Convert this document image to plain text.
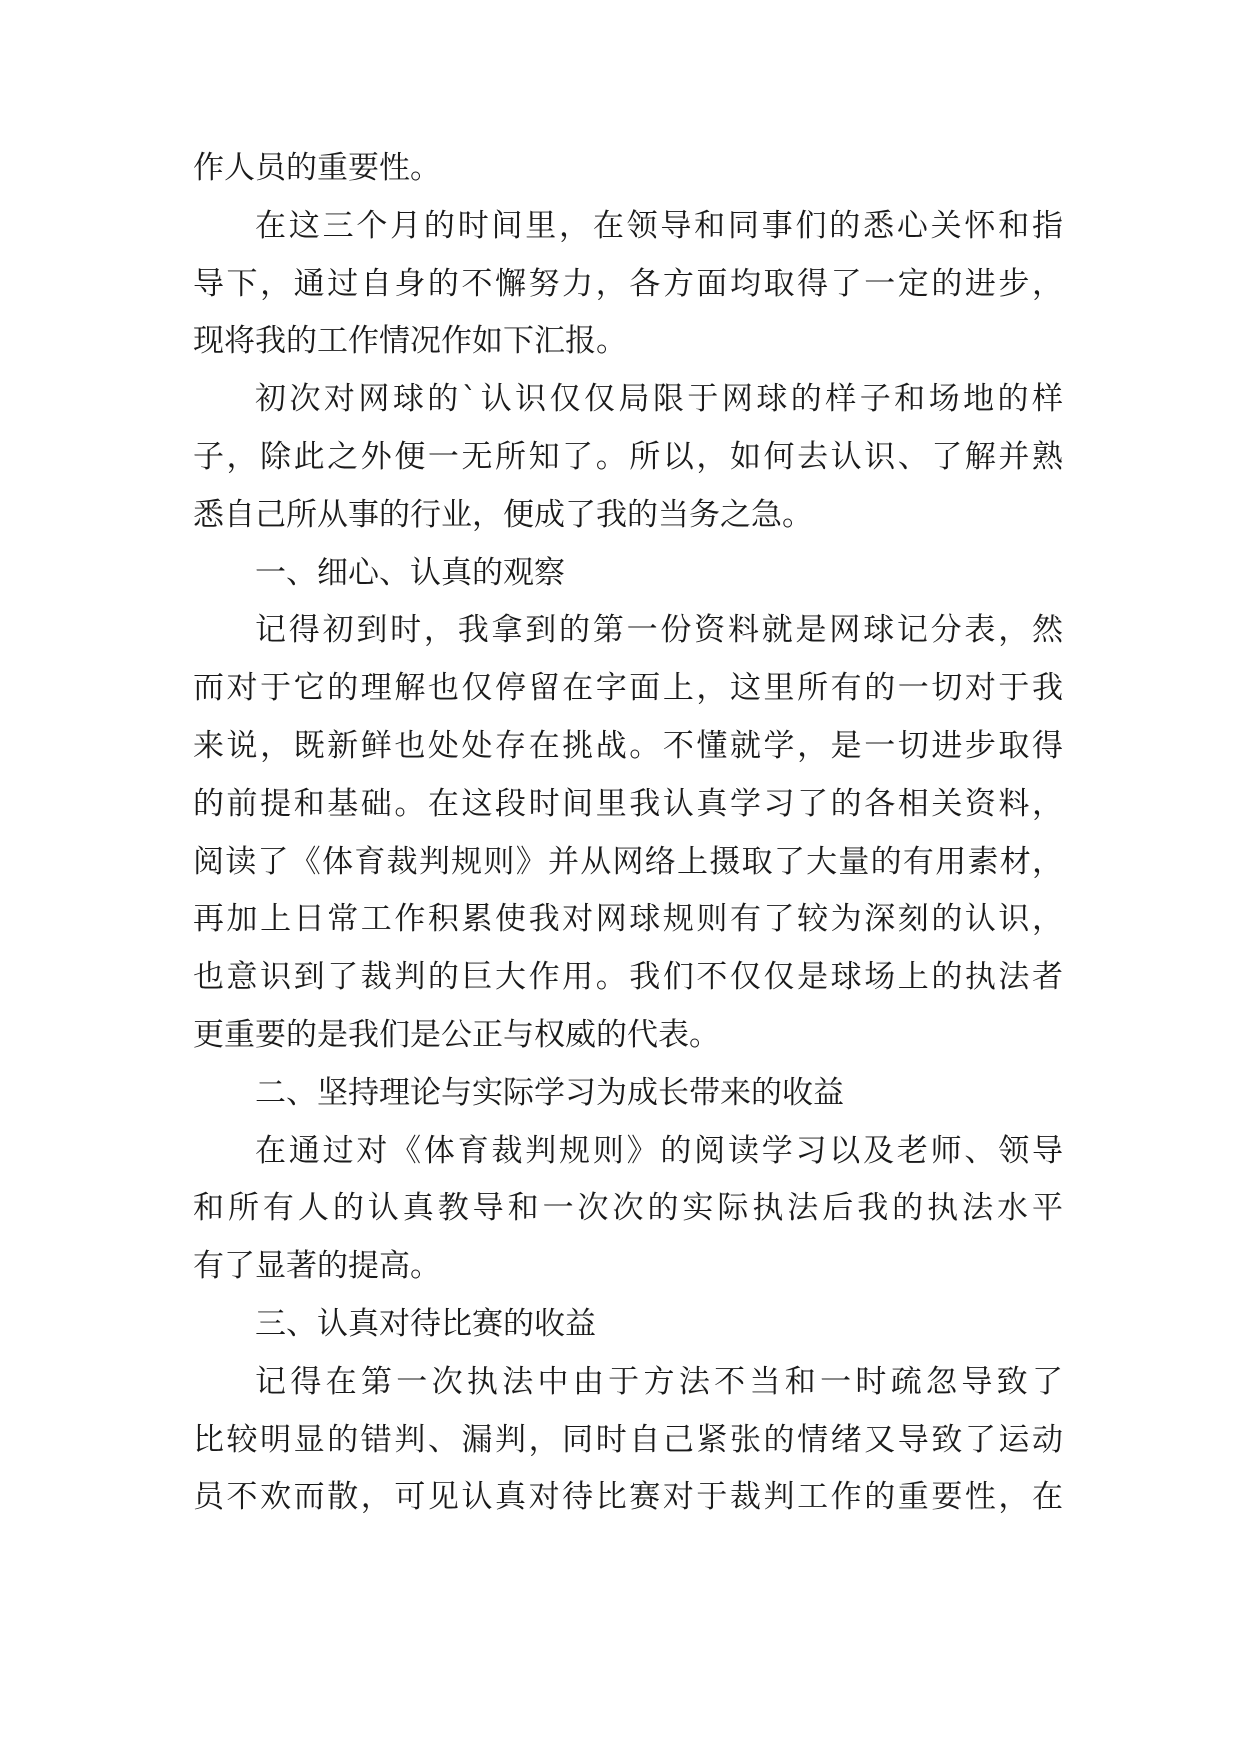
作人员的重要性。
在这三个月的时间里，在领导和同事们的悉心关怀和指
导下，通过自身的不懈努力，各方面均取得了一定的进步，
现将我的工作情况作如下汇报。
初次对网球的`认识仅仅局限于网球的样子和场地的样
子，除此之外便一无所知了。所以，如何去认识、了解并熟
悉自己所从事的行业，便成了我的当务之急。
一、细心、认真的观察
记得初到时，我拿到的第一份资料就是网球记分表，然
而对于它的理解也仅停留在字面上，这里所有的一切对于我
来说，既新鲜也处处存在挑战。不懂就学，是一切进步取得
的前提和基础。在这段时间里我认真学习了的各相关资料，
阅读了《体育裁判规则》并从网络上摄取了大量的有用素材，
再加上日常工作积累使我对网球规则有了较为深刻的认识，
也意识到了裁判的巨大作用。我们不仅仅是球场上的执法者
更重要的是我们是公正与权威的代表。
二、坚持理论与实际学习为成长带来的收益
在通过对《体育裁判规则》的阅读学习以及老师、领导
和所有人的认真教导和一次次的实际执法后我的执法水平
有了显著的提高。
三、认真对待比赛的收益
记得在第一次执法中由于方法不当和一时疏忽导致了
比较明显的错判、漏判，同时自己紧张的情绪又导致了运动
员不欢而散，可见认真对待比赛对于裁判工作的重要性，在
